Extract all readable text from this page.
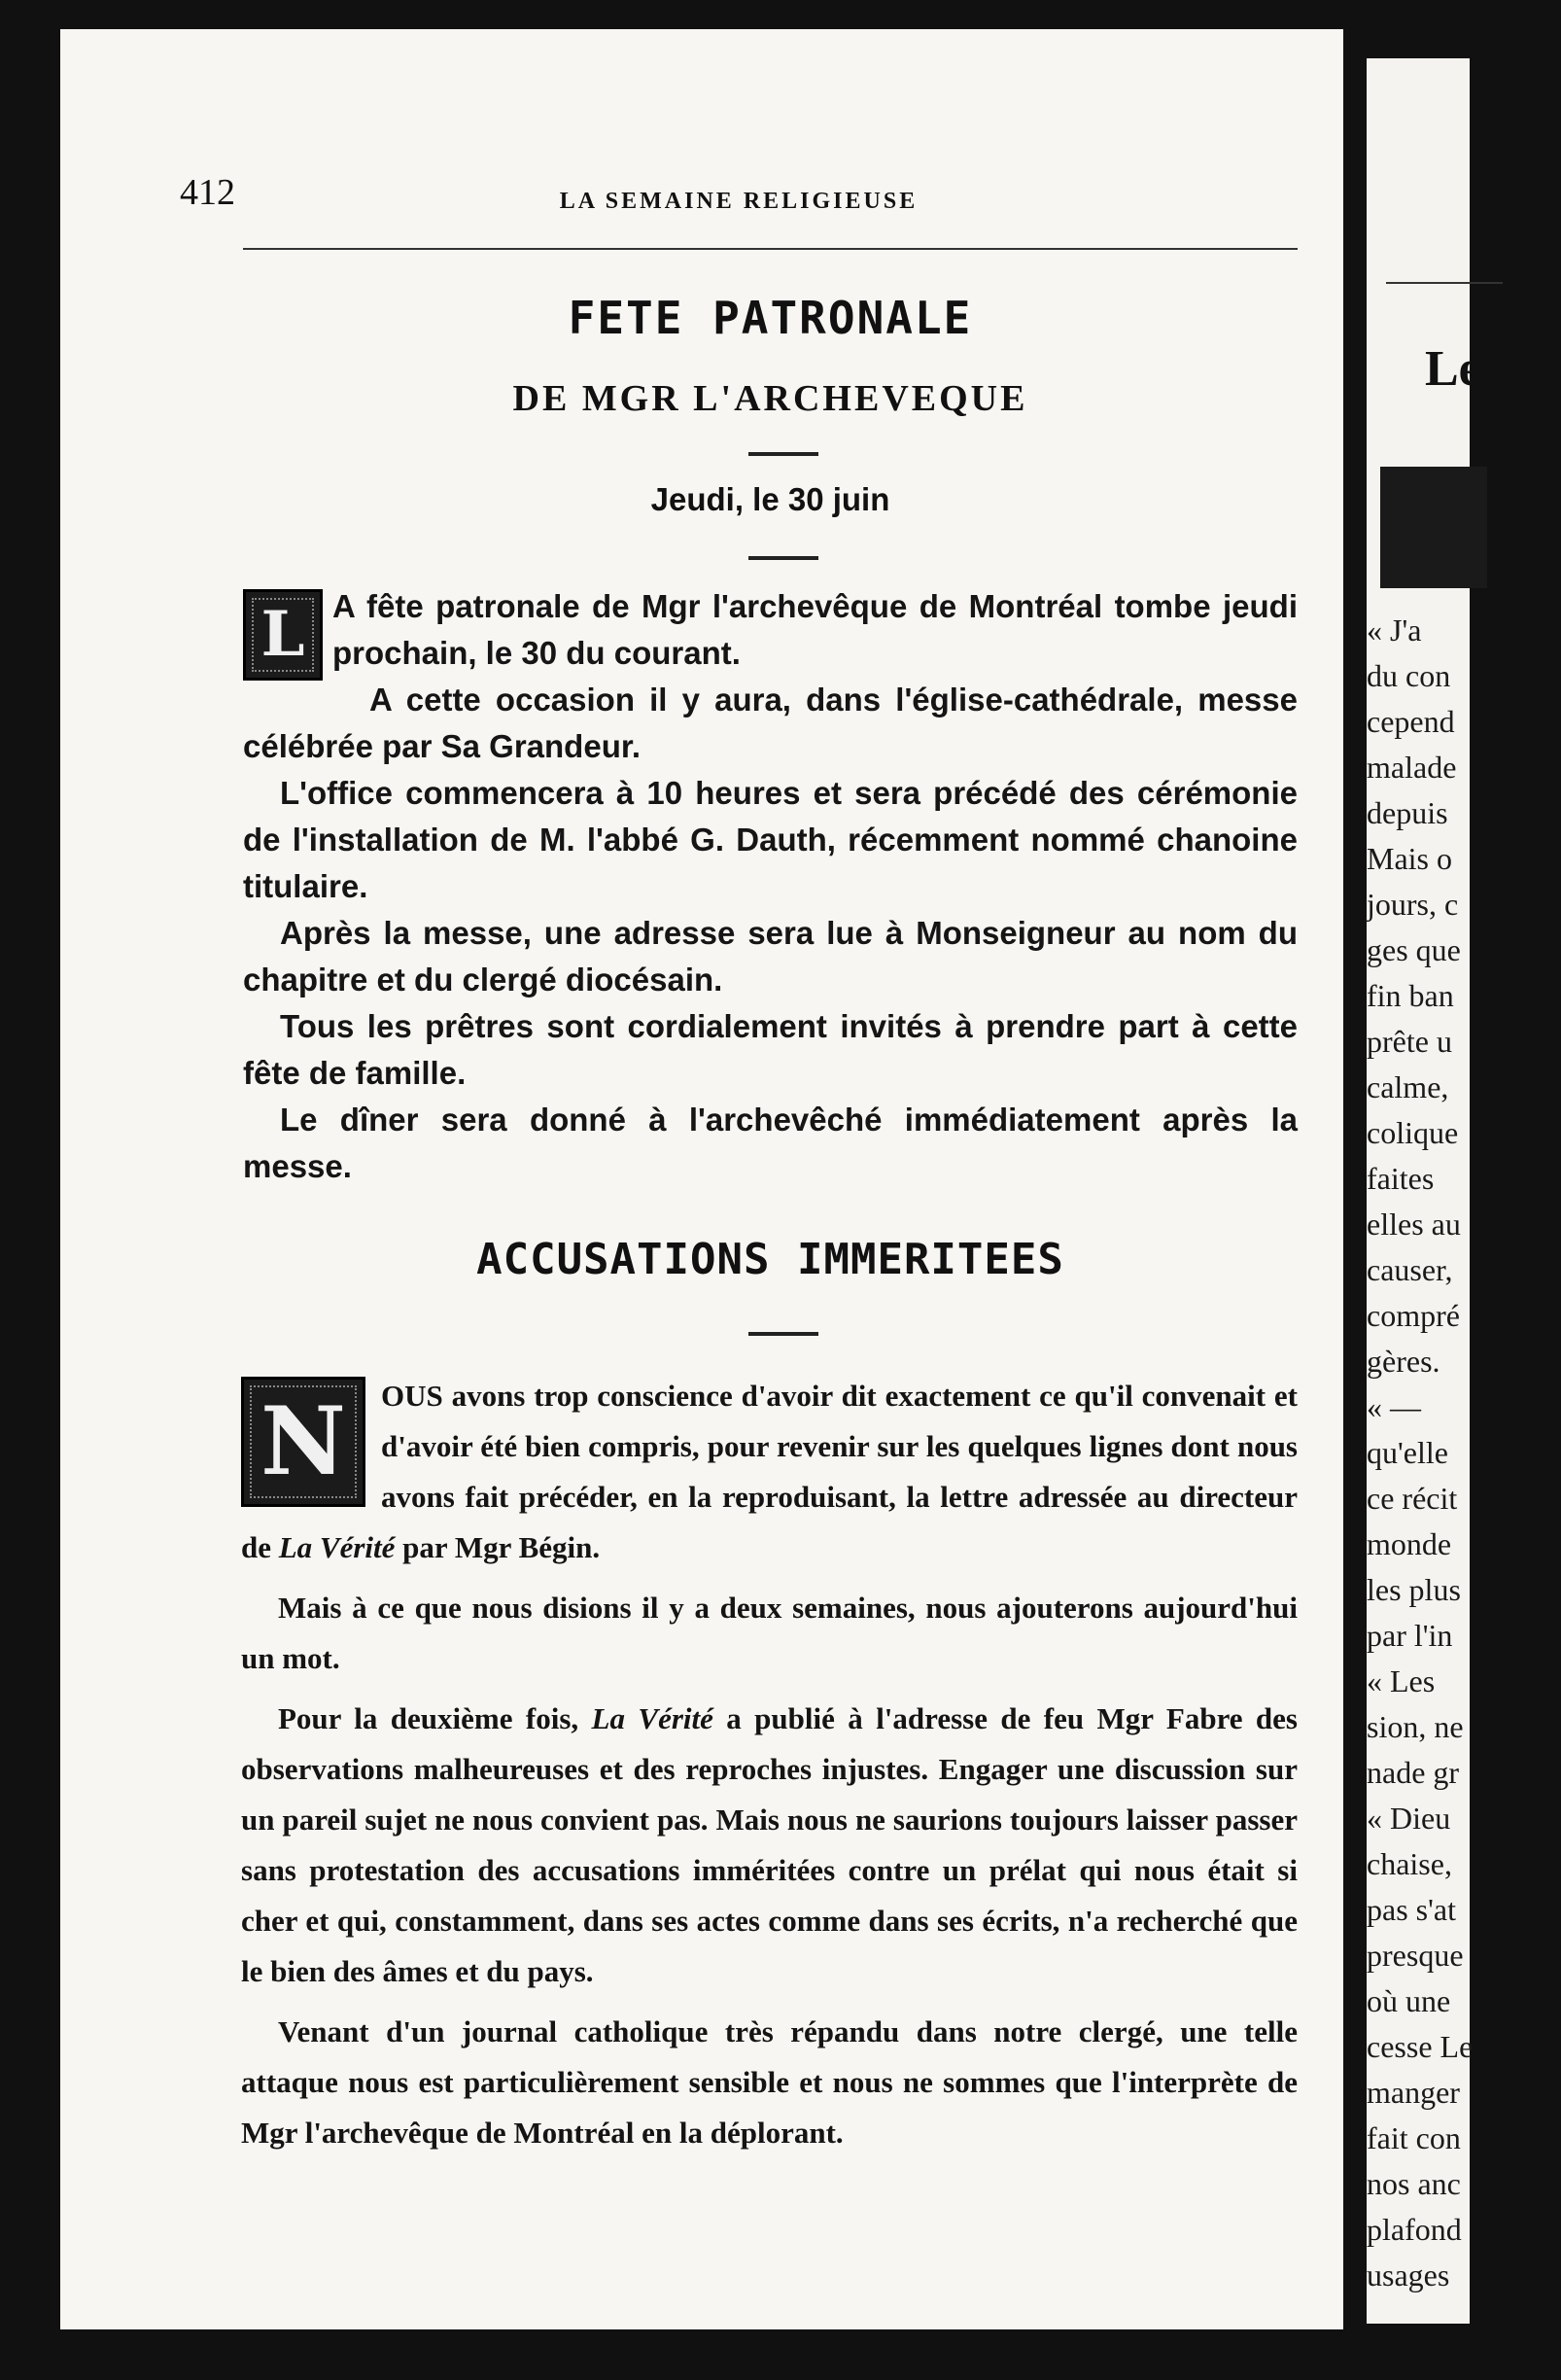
Le
« J'a
du con
cepend
malade
depuis
Mais o
jours, c
ges que
fin ban
prête u
calme,
colique
faites
elles au
causer,
compré
gères.
« —
qu'elle
ce récit
monde
les plus
par l'in
« Les
sion, ne
nade gr
« Dieu
chaise,
pas s'at
presque
où une
cesse Le
manger
fait con
nos anc
plafond
usages
412	LA SEMAINE RELIGIEUSE
FETE PATRONALE
DE MGR L'ARCHEVEQUE
Jeudi, le 30 juin

L A fête patronale de Mgr l'archevêque de Montréal tombe jeudi prochain, le 30 du courant.

A cette occasion il y aura, dans l'église-cathédrale, messe célébrée par Sa Grandeur.

L'office commencera à 10 heures et sera précédé des cérémonie de l'installation de M. l'abbé G. Dauth, récemment nommé chanoine titulaire.

Après la messe, une adresse sera lue à Monseigneur au nom du chapitre et du clergé diocésain.

Tous les prêtres sont cordialement invités à prendre part à cette fête de famille.

Le dîner sera donné à l'archevêché immédiatement après la messe.

ACCUSATIONS IMMERITEES

N OUS avons trop conscience d'avoir dit exactement ce qu'il convenait et d'avoir été bien compris, pour revenir sur les quelques lignes dont nous avons fait précéder, en la reproduisant, la lettre adressée au directeur de La Vérité par Mgr Bégin.

Mais à ce que nous disions il y a deux semaines, nous ajouterons aujourd'hui un mot.

Pour la deuxième fois, La Vérité a publié à l'adresse de feu Mgr Fabre des observations malheureuses et des reproches injustes. Engager une discussion sur un pareil sujet ne nous convient pas. Mais nous ne saurions toujours laisser passer sans protestation des accusations imméritées contre un prélat qui nous était si cher et qui, constamment, dans ses actes comme dans ses écrits, n'a recherché que le bien des âmes et du pays.

Venant d'un journal catholique très répandu dans notre clergé, une telle attaque nous est particulièrement sensible et nous ne sommes que l'interprète de Mgr l'archevêque de Montréal en la déplorant.
